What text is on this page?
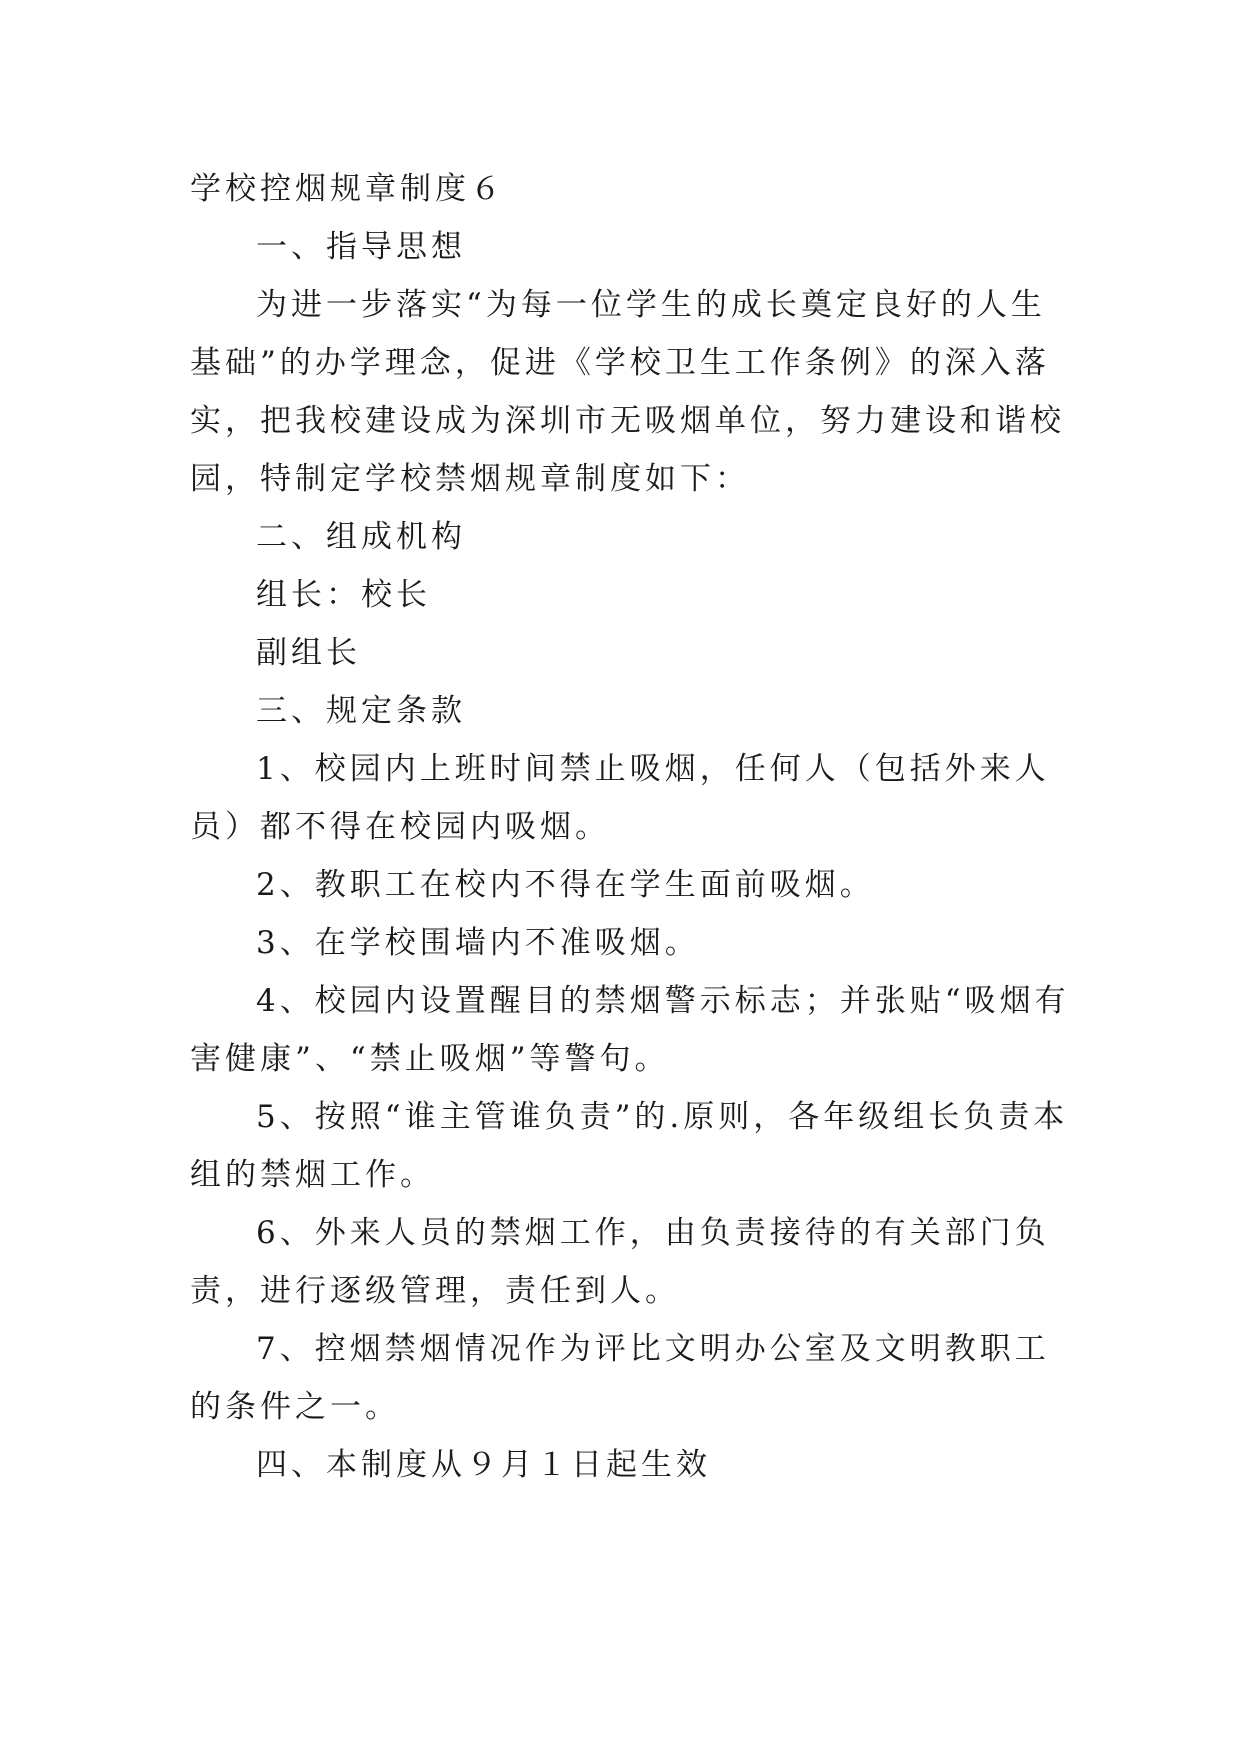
学校控烟规章制度６

一、指导思想

为进一步落实“为每一位学生的成长奠定良好的人生基础”的办学理念，促进《学校卫生工作条例》的深入落实，把我校建设成为深圳市无吸烟单位，努力建设和谐校园，特制定学校禁烟规章制度如下：

二、组成机构

组长：校长

副组长

三、规定条款

1、校园内上班时间禁止吸烟，任何人（包括外来人员）都不得在校园内吸烟。

2、教职工在校内不得在学生面前吸烟。

3、在学校围墙内不准吸烟。

4、校园内设置醒目的禁烟警示标志；并张贴“吸烟有害健康”、“禁止吸烟”等警句。

5、按照“谁主管谁负责”的.原则，各年级组长负责本组的禁烟工作。

6、外来人员的禁烟工作，由负责接待的有关部门负责，进行逐级管理，责任到人。

7、控烟禁烟情况作为评比文明办公室及文明教职工的条件之一。

四、本制度从９月１日起生效
